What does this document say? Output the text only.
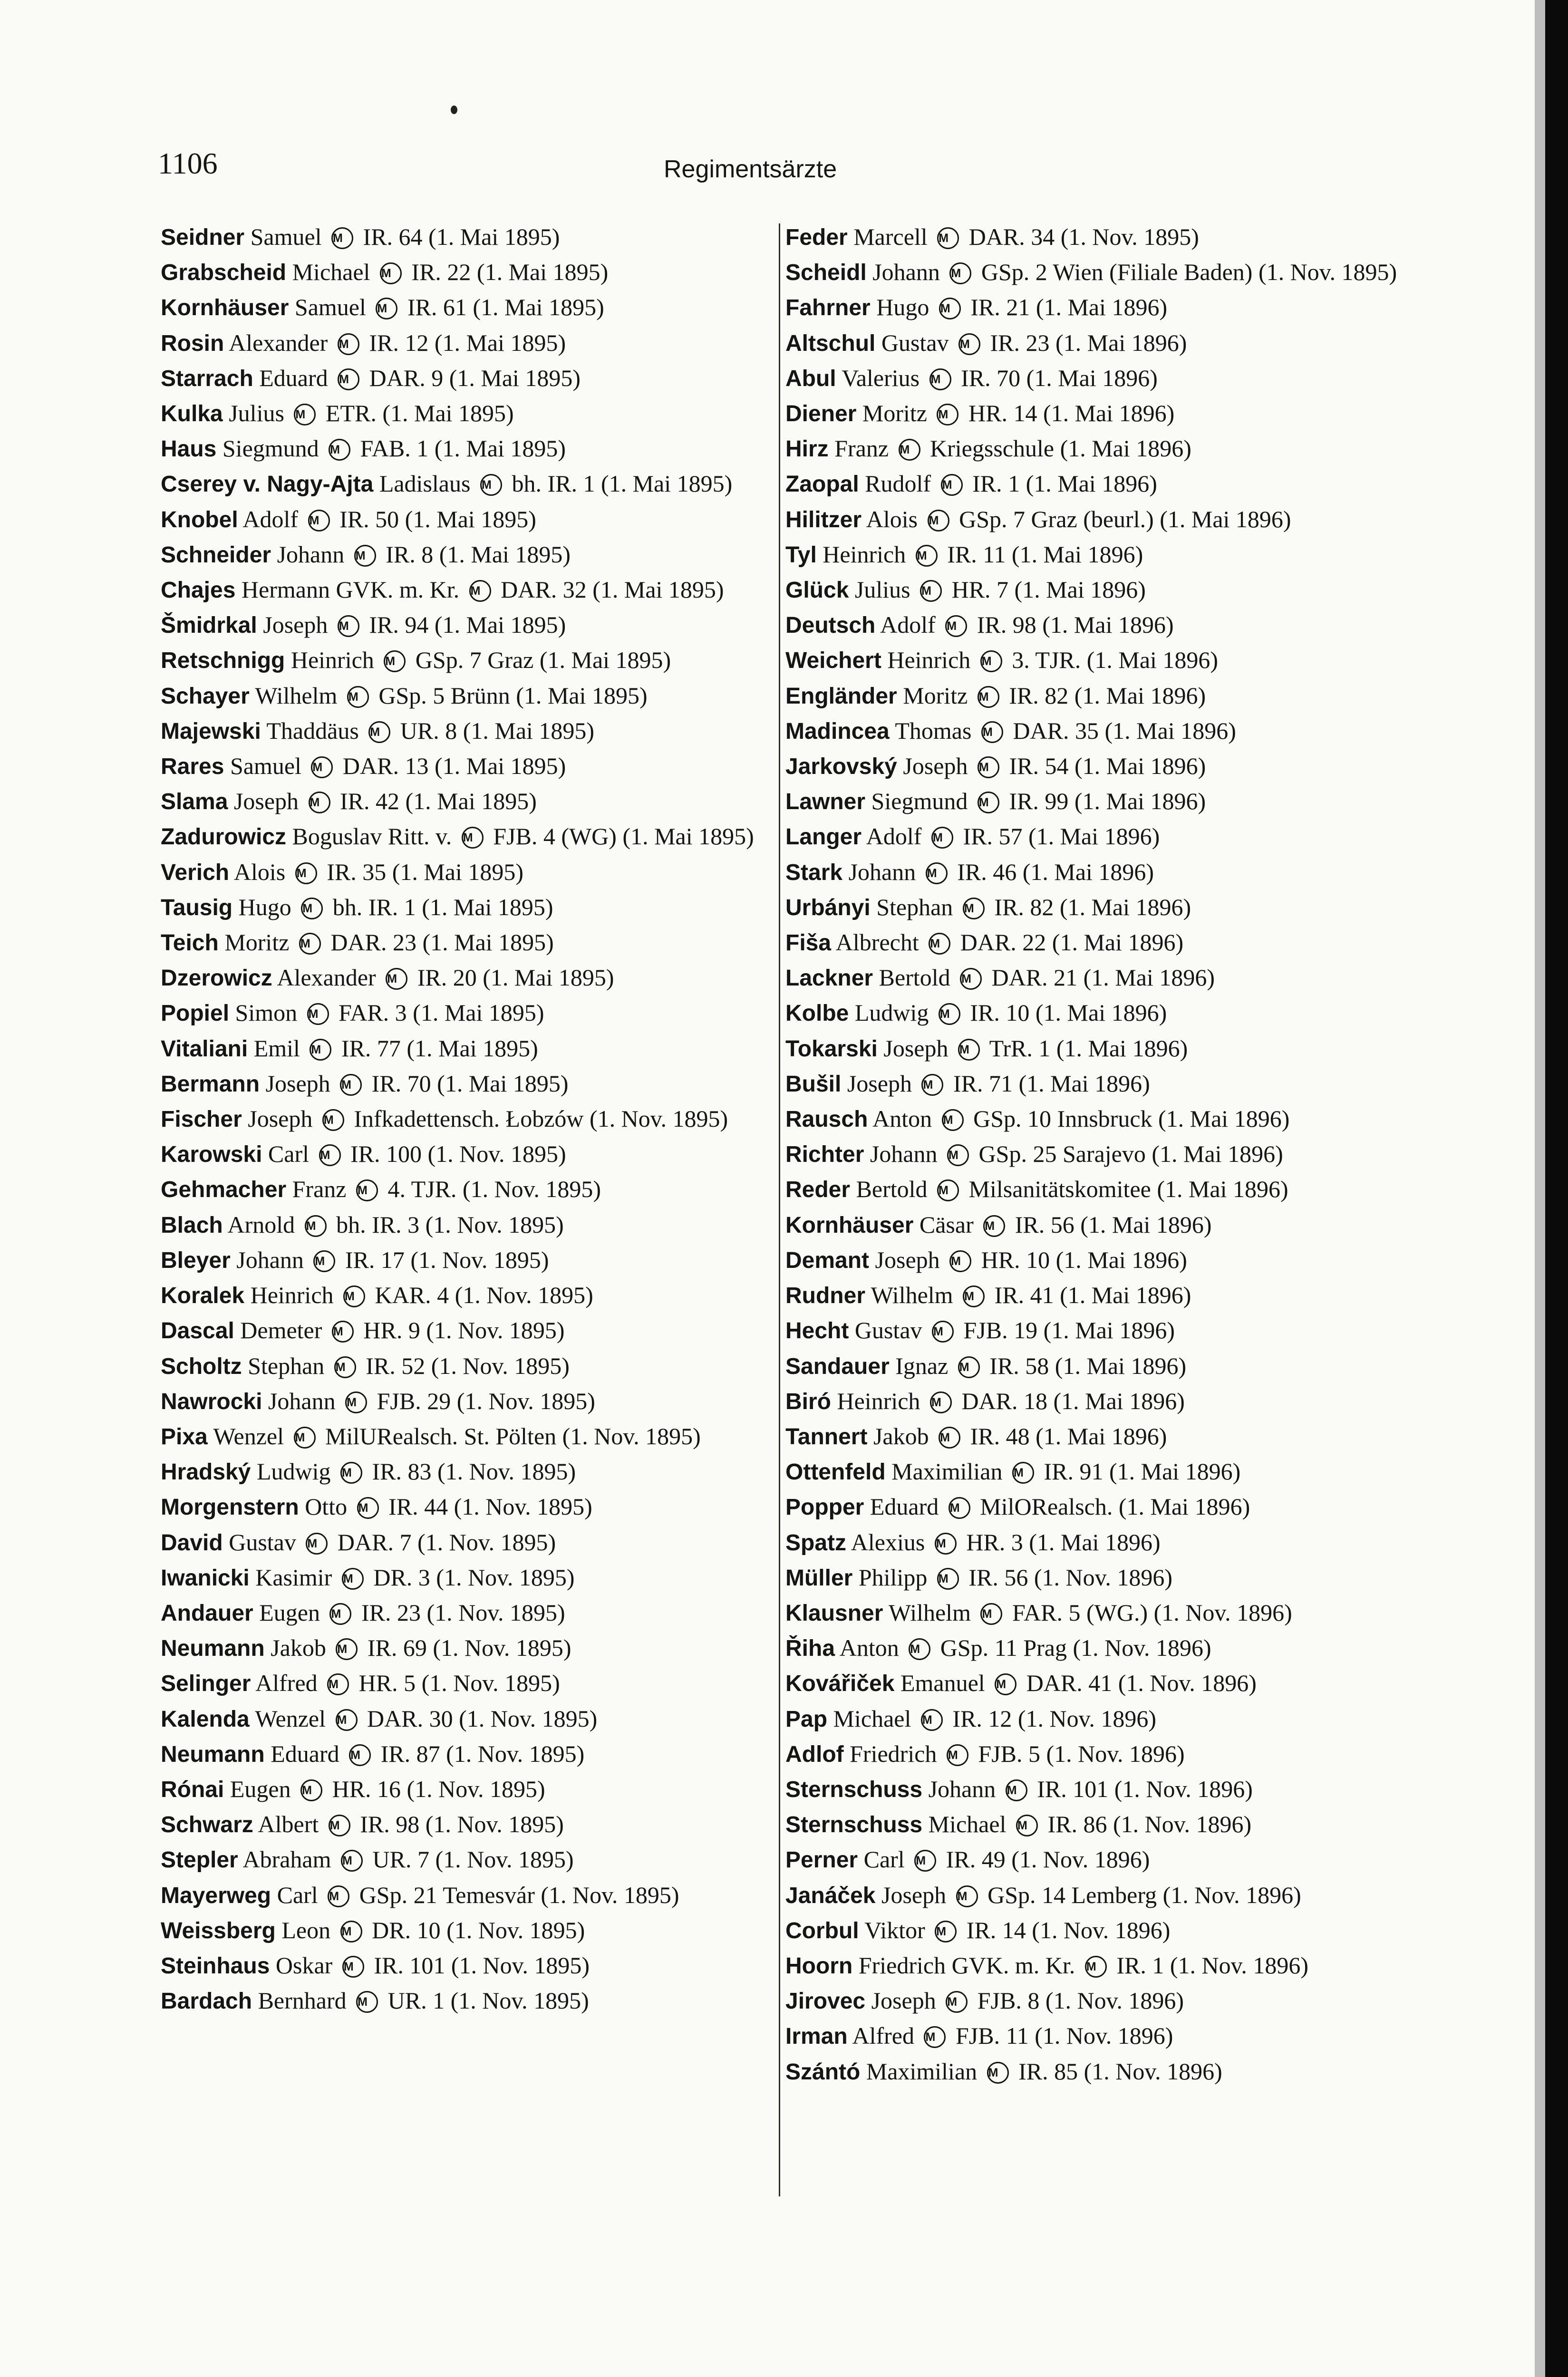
1106	Regimentsärzte
Seidner Samuel M IR. 64 (1. Mai 1895)
Grabscheid Michael M IR. 22 (1. Mai 1895)
Kornhäuser Samuel M IR. 61 (1. Mai 1895)
Rosin Alexander M IR. 12 (1. Mai 1895)
Starrach Eduard M DAR. 9 (1. Mai 1895)
Kulka Julius M ETR. (1. Mai 1895)
Haus Siegmund M FAB. 1 (1. Mai 1895)
Cserey v. Nagy-Ajta Ladislaus M bh. IR. 1 (1. Mai 1895)
Knobel Adolf M IR. 50 (1. Mai 1895)
Schneider Johann M IR. 8 (1. Mai 1895)
Chajes Hermann GVK. m. Kr. M DAR. 32 (1. Mai 1895)
Šmidrkal Joseph M IR. 94 (1. Mai 1895)
Retschnigg Heinrich M GSp. 7 Graz (1. Mai 1895)
Schayer Wilhelm M GSp. 5 Brünn (1. Mai 1895)
Majewski Thaddäus M UR. 8 (1. Mai 1895)
Rares Samuel M DAR. 13 (1. Mai 1895)
Slama Joseph M IR. 42 (1. Mai 1895)
Zadurowicz Boguslav Ritt. v. M FJB. 4 (WG) (1. Mai 1895)
Verich Alois M IR. 35 (1. Mai 1895)
Tausig Hugo M bh. IR. 1 (1. Mai 1895)
Teich Moritz M DAR. 23 (1. Mai 1895)
Dzerowicz Alexander M IR. 20 (1. Mai 1895)
Popiel Simon M FAR. 3 (1. Mai 1895)
Vitaliani Emil M IR. 77 (1. Mai 1895)
Bermann Joseph M IR. 70 (1. Mai 1895)
Fischer Joseph M Infkadettensch. Łobzów (1. Nov. 1895)
Karowski Carl M IR. 100 (1. Nov. 1895)
Gehmacher Franz M 4. TJR. (1. Nov. 1895)
Blach Arnold M bh. IR. 3 (1. Nov. 1895)
Bleyer Johann M IR. 17 (1. Nov. 1895)
Koralek Heinrich M KAR. 4 (1. Nov. 1895)
Dascal Demeter M HR. 9 (1. Nov. 1895)
Scholtz Stephan M IR. 52 (1. Nov. 1895)
Nawrocki Johann M FJB. 29 (1. Nov. 1895)
Pixa Wenzel M MilURealsch. St. Pölten (1. Nov. 1895)
Hradský Ludwig M IR. 83 (1. Nov. 1895)
Morgenstern Otto M IR. 44 (1. Nov. 1895)
David Gustav M DAR. 7 (1. Nov. 1895)
Iwanicki Kasimir M DR. 3 (1. Nov. 1895)
Andauer Eugen M IR. 23 (1. Nov. 1895)
Neumann Jakob M IR. 69 (1. Nov. 1895)
Selinger Alfred M HR. 5 (1. Nov. 1895)
Kalenda Wenzel M DAR. 30 (1. Nov. 1895)
Neumann Eduard M IR. 87 (1. Nov. 1895)
Rónai Eugen M HR. 16 (1. Nov. 1895)
Schwarz Albert M IR. 98 (1. Nov. 1895)
Stepler Abraham M UR. 7 (1. Nov. 1895)
Mayerweg Carl M GSp. 21 Temesvár (1. Nov. 1895)
Weissberg Leon M DR. 10 (1. Nov. 1895)
Steinhaus Oskar M IR. 101 (1. Nov. 1895)
Bardach Bernhard M UR. 1 (1. Nov. 1895)
Feder Marcell M DAR. 34 (1. Nov. 1895)
Scheidl Johann M GSp. 2 Wien (Filiale Baden) (1. Nov. 1895)
Fahrner Hugo M IR. 21 (1. Mai 1896)
Altschul Gustav M IR. 23 (1. Mai 1896)
Abul Valerius M IR. 70 (1. Mai 1896)
Diener Moritz M HR. 14 (1. Mai 1896)
Hirz Franz M Kriegsschule (1. Mai 1896)
Zaopal Rudolf M IR. 1 (1. Mai 1896)
Hilitzer Alois M GSp. 7 Graz (beurl.) (1. Mai 1896)
Tyl Heinrich M IR. 11 (1. Mai 1896)
Glück Julius M HR. 7 (1. Mai 1896)
Deutsch Adolf M IR. 98 (1. Mai 1896)
Weichert Heinrich M 3. TJR. (1. Mai 1896)
Engländer Moritz M IR. 82 (1. Mai 1896)
Madincea Thomas M DAR. 35 (1. Mai 1896)
Jarkovský Joseph M IR. 54 (1. Mai 1896)
Lawner Siegmund M IR. 99 (1. Mai 1896)
Langer Adolf M IR. 57 (1. Mai 1896)
Stark Johann M IR. 46 (1. Mai 1896)
Urbányi Stephan M IR. 82 (1. Mai 1896)
Fiša Albrecht M DAR. 22 (1. Mai 1896)
Lackner Bertold M DAR. 21 (1. Mai 1896)
Kolbe Ludwig M IR. 10 (1. Mai 1896)
Tokarski Joseph M TrR. 1 (1. Mai 1896)
Bušil Joseph M IR. 71 (1. Mai 1896)
Rausch Anton M GSp. 10 Innsbruck (1. Mai 1896)
Richter Johann M GSp. 25 Sarajevo (1. Mai 1896)
Reder Bertold M Milsanitätskomitee (1. Mai 1896)
Kornhäuser Cäsar M IR. 56 (1. Mai 1896)
Demant Joseph M HR. 10 (1. Mai 1896)
Rudner Wilhelm M IR. 41 (1. Mai 1896)
Hecht Gustav M FJB. 19 (1. Mai 1896)
Sandauer Ignaz M IR. 58 (1. Mai 1896)
Biró Heinrich M DAR. 18 (1. Mai 1896)
Tannert Jakob M IR. 48 (1. Mai 1896)
Ottenfeld Maximilian M IR. 91 (1. Mai 1896)
Popper Eduard M MilORealsch. (1. Mai 1896)
Spatz Alexius M HR. 3 (1. Mai 1896)
Müller Philipp M IR. 56 (1. Nov. 1896)
Klausner Wilhelm M FAR. 5 (WG.) (1. Nov. 1896)
Řiha Anton M GSp. 11 Prag (1. Nov. 1896)
Kovářiček Emanuel M DAR. 41 (1. Nov. 1896)
Pap Michael M IR. 12 (1. Nov. 1896)
Adlof Friedrich M FJB. 5 (1. Nov. 1896)
Sternschuss Johann M IR. 101 (1. Nov. 1896)
Sternschuss Michael M IR. 86 (1. Nov. 1896)
Perner Carl M IR. 49 (1. Nov. 1896)
Janáček Joseph M GSp. 14 Lemberg (1. Nov. 1896)
Corbul Viktor M IR. 14 (1. Nov. 1896)
Hoorn Friedrich GVK. m. Kr. M IR. 1 (1. Nov. 1896)
Jirovec Joseph M FJB. 8 (1. Nov. 1896)
Irman Alfred M FJB. 11 (1. Nov. 1896)
Szántó Maximilian M IR. 85 (1. Nov. 1896)
